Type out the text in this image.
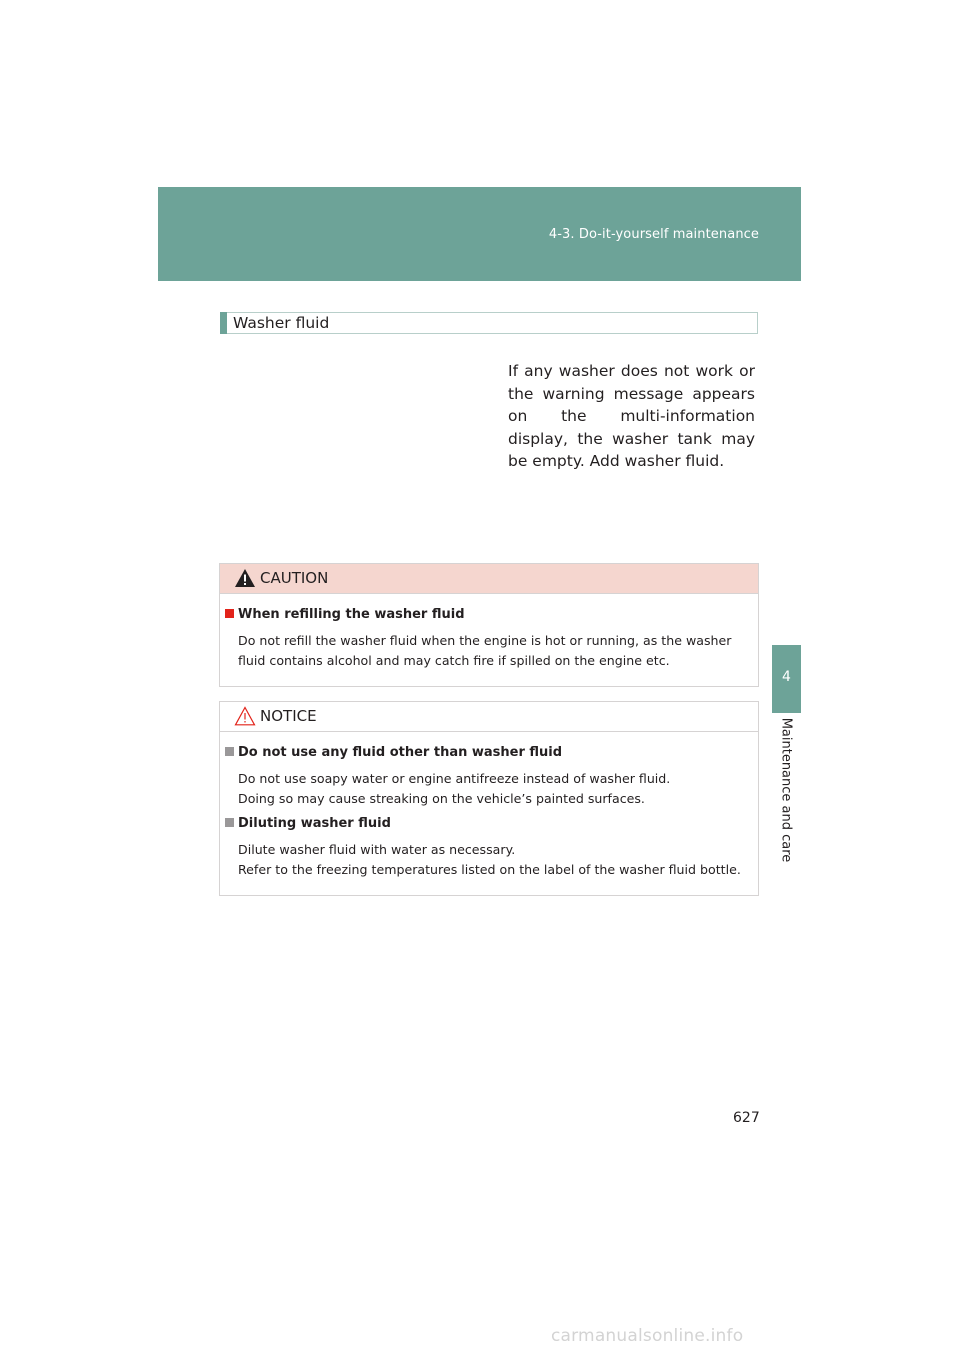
4-3. Do-it-yourself maintenance
4
Maintenance and care
Washer fluid
If any washer does not work or the warning message appears on the multi-information display, the washer tank may be empty. Add washer fluid.
CAUTION
When refilling the washer fluid
Do not refill the washer fluid when the engine is hot or running, as the washer fluid contains alcohol and may catch fire if spilled on the engine etc.
NOTICE
Do not use any fluid other than washer fluid
Do not use soapy water or engine antifreeze instead of washer fluid.
Doing so may cause streaking on the vehicle’s painted surfaces.
Diluting washer fluid
Dilute washer fluid with water as necessary.
Refer to the freezing temperatures listed on the label of the washer fluid bottle.
627
carmanualsonline.info
